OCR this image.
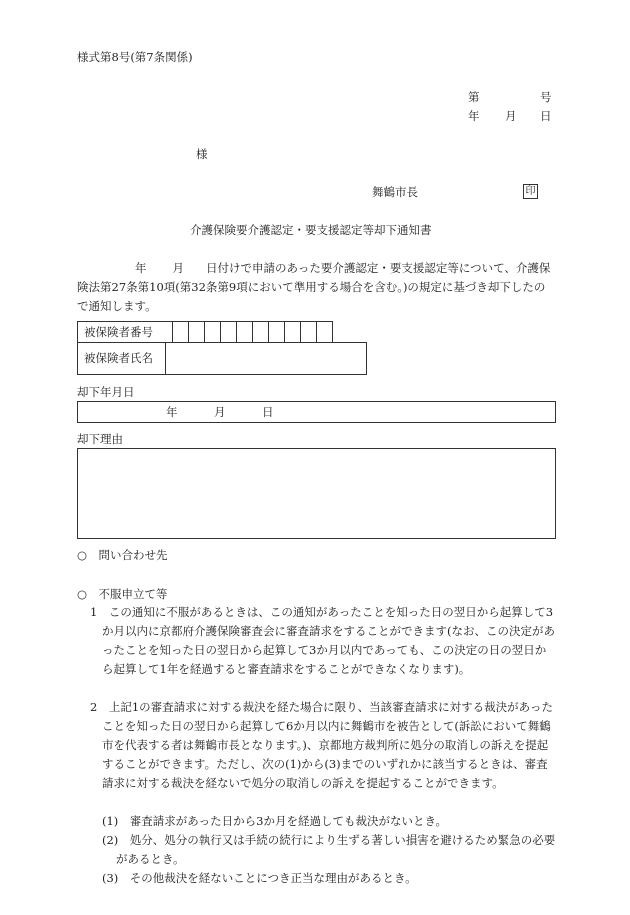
様式第8号(第7条関係)
第	号
年 月 日
様
舞鶴市長	印
介護保険要介護認定・要支援認定等却下通知書
年 月 日付けで申請のあった要介護認定・要支援認定等について、介護保険法第27条第10項(第32条第9項において準用する場合を含む。)の規定に基づき却下したので通知します。
被保険者番号										
被保険者氏名	
却下年月日
年	月	日
却下理由
○　問い合わせ先
○　不服申立て等
1　この通知に不服があるときは、この通知があったことを知った日の翌日から起算して3か月以内に京都府介護保険審査会に審査請求をすることができます(なお、この決定があったことを知った日の翌日から起算して3か月以内であっても、この決定の日の翌日から起算して1年を経過すると審査請求をすることができなくなります)。
2　上記1の審査請求に対する裁決を経た場合に限り、当該審査請求に対する裁決があったことを知った日の翌日から起算して6か月以内に舞鶴市を被告として(訴訟において舞鶴市を代表する者は舞鶴市長となります。)、京都地方裁判所に処分の取消しの訴えを提起することができます。ただし、次の(1)から(3)までのいずれかに該当するときは、審査請求に対する裁決を経ないで処分の取消しの訴えを提起することができます。
(1)　審査請求があった日から3か月を経過しても裁決がないとき。
(2)　処分、処分の執行又は手続の続行により生ずる著しい損害を避けるため緊急の必要があるとき。
(3)　その他裁決を経ないことにつき正当な理由があるとき。
